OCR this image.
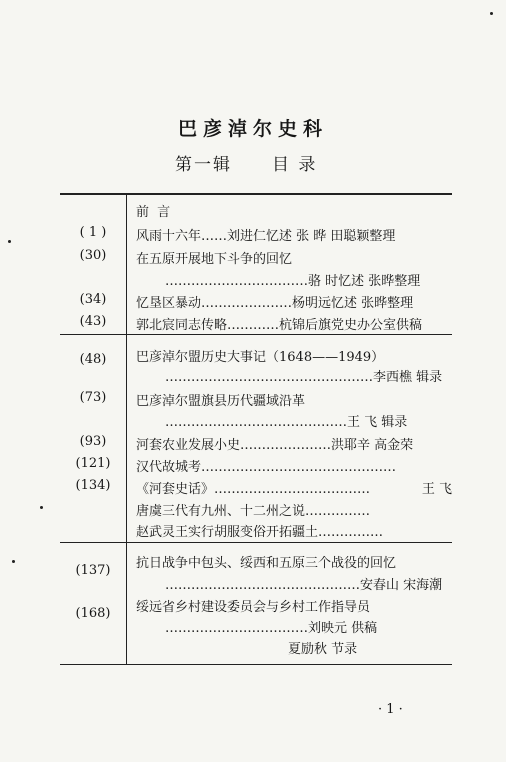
巴彦淖尔史科
第一辑 目 录
前 言
( 1 )	风雨十六年……刘进仁忆述 张 晔 田聪颖整理
(30)	在五原开展地下斗争的回忆
……………………………骆 时忆述 张晔整理
(34)	忆垦区暴动…………………杨明远忆述 张晔整理
(43)	郭北宸同志传略…………杭锦后旗党史办公室供稿
(48)	巴彦淖尔盟历史大事记（1648——1949）
…………………………………………李西樵 辑录
(73)	巴彦淖尔盟旗县历代疆域沿革
……………………………………王 飞 辑录
(93)	河套农业发展小史…………………洪耶辛 高金荣
(121)	汉代故城考………………………………………
(134)	《河套史话》………………………………	王 飞
唐虞三代有九州、十二州之说……………
赵武灵王实行胡服变俗开拓疆土……………
(137)	抗日战争中包头、绥西和五原三个战役的回忆
………………………………………安春山 宋海潮
(168)	绥远省乡村建设委员会与乡村工作指导员
……………………………刘映元 供稿
夏励秋 节录
· 1 ·
